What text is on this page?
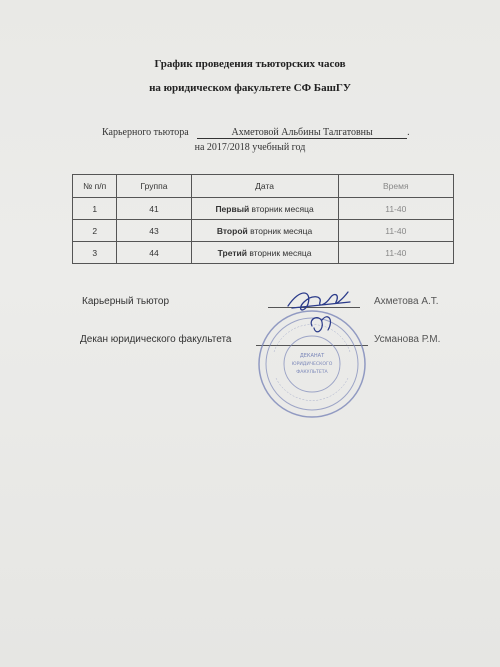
График проведения тьюторских часов
на юридическом факультете СФ БашГУ
Карьерного тьютора	Ахметовой Альбины Талгатовны	.
на 2017/2018 учебный год
№ п/п	Группа	Дата	Время
1	41	Первый вторник месяца	11-40
2	43	Второй вторник месяца	11-40
3	44	Третий вторник месяца	11-40
Карьерный тьютор	Ахметова А.Т.
Декан юридического факультета	Усманова Р.М.
ДЕКАНАТ
ЮРИДИЧЕСКОГО
ФАКУЛЬТЕТА
